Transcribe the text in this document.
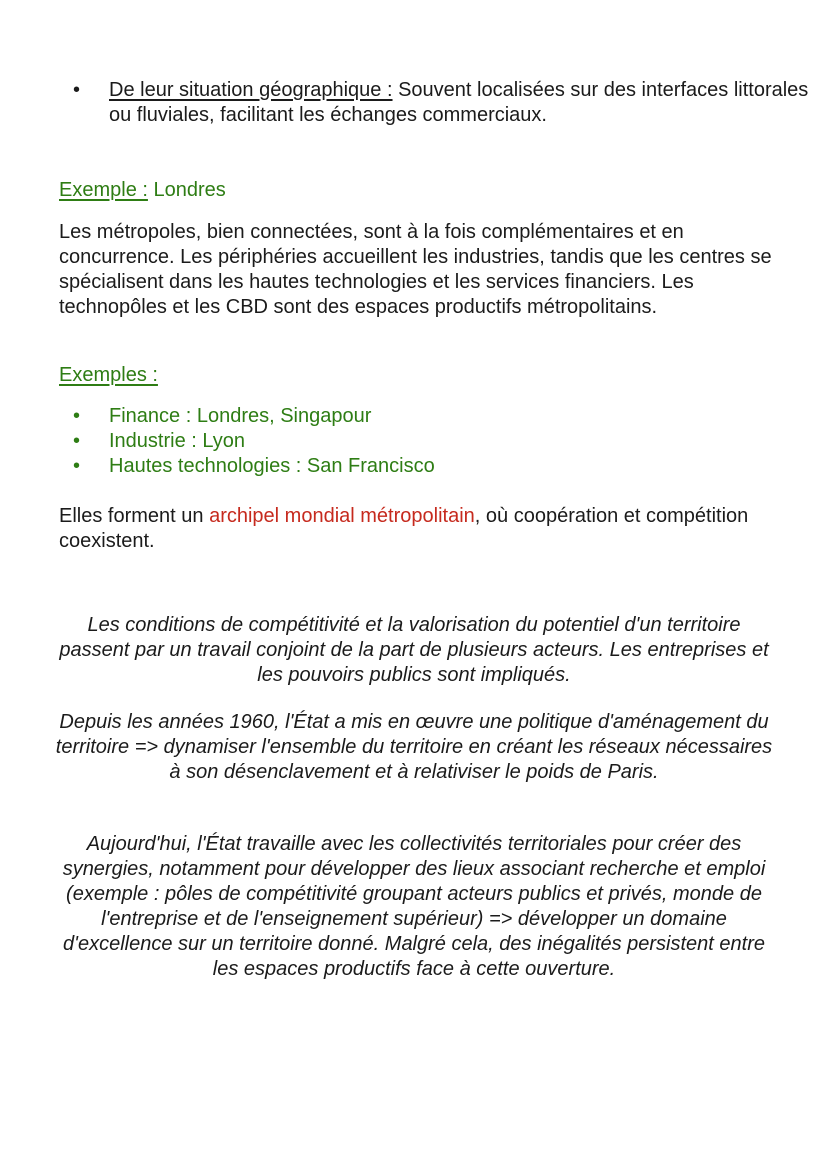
• De leur situation géographique : Souvent localisées sur des interfaces littorales ou fluviales, facilitant les échanges commerciaux.
Exemple : Londres

Les métropoles, bien connectées, sont à la fois complémentaires et en concurrence. Les périphéries accueillent les industries, tandis que les centres se spécialisent dans les hautes technologies et les services financiers. Les technopôles et les CBD sont des espaces productifs métropolitains.

Exemples :
• Finance : Londres, Singapour
• Industrie : Lyon
• Hautes technologies : San Francisco

Elles forment un archipel mondial métropolitain, où coopération et compétition coexistent.

Les conditions de compétitivité et la valorisation du potentiel d'un territoire passent par un travail conjoint de la part de plusieurs acteurs. Les entreprises et les pouvoirs publics sont impliqués.

Depuis les années 1960, l'État a mis en œuvre une politique d'aménagement du territoire => dynamiser l'ensemble du territoire en créant les réseaux nécessaires à son désenclavement et à relativiser le poids de Paris.

Aujourd'hui, l'État travaille avec les collectivités territoriales pour créer des synergies, notamment pour développer des lieux associant recherche et emploi (exemple : pôles de compétitivité groupant acteurs publics et privés, monde de l'entreprise et de l'enseignement supérieur) => développer un domaine d'excellence sur un territoire donné. Malgré cela, des inégalités persistent entre les espaces productifs face à cette ouverture.
